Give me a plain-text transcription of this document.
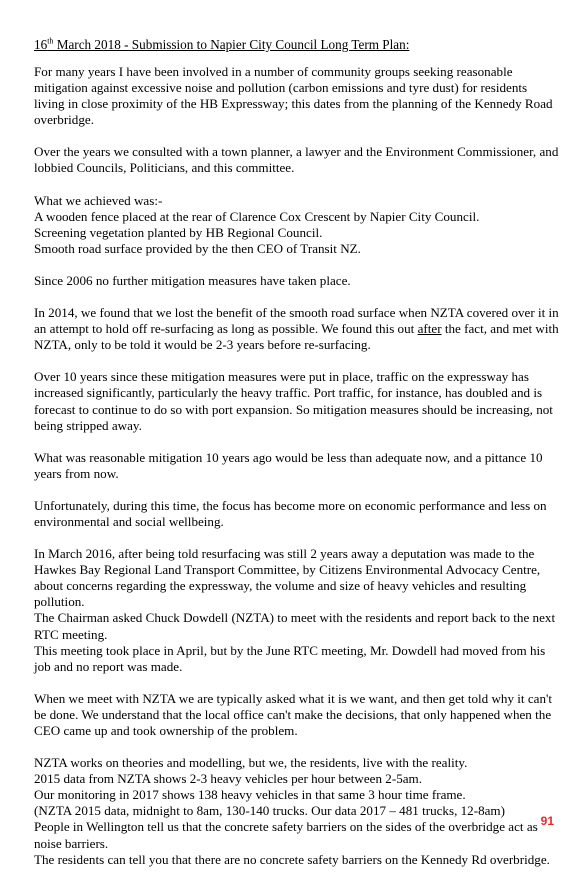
16th March 2018 - Submission to Napier City Council Long Term Plan:

For many years I have been involved in a number of community groups seeking reasonable
mitigation against excessive noise and pollution (carbon emissions and tyre dust) for residents
living in close proximity of the HB Expressway; this dates from the planning of the Kennedy Road
overbridge.

Over the years we consulted with a town planner, a lawyer and the Environment Commissioner, and
lobbied Councils, Politicians, and this committee.

What we achieved was:-
A wooden fence placed at the rear of Clarence Cox Crescent by Napier City Council.
Screening vegetation planted by HB Regional Council.
Smooth road surface provided by the then CEO of Transit NZ.

Since 2006 no further mitigation measures have taken place.

In 2014, we found that we lost the benefit of the smooth road surface when NZTA covered over it in
an attempt to hold off re-surfacing as long as possible. We found this out after the fact, and met with
NZTA, only to be told it would be 2-3 years before re-surfacing.

Over 10 years since these mitigation measures were put in place, traffic on the expressway has
increased significantly, particularly the heavy traffic. Port traffic, for instance, has doubled and is
forecast to continue to do so with port expansion. So mitigation measures should be increasing, not
being stripped away.

What was reasonable mitigation 10 years ago would be less than adequate now, and a pittance 10
years from now.

Unfortunately, during this time, the focus has become more on economic performance and less on
environmental and social wellbeing.

In March 2016, after being told resurfacing was still 2 years away a deputation was made to the
Hawkes Bay Regional Land Transport Committee, by Citizens Environmental Advocacy Centre,
about concerns regarding the expressway, the volume and size of heavy vehicles and resulting
pollution.
The Chairman asked Chuck Dowdell (NZTA) to meet with the residents and report back to the next
RTC meeting.
This meeting took place in April, but by the June RTC meeting, Mr. Dowdell had moved from his
job and no report was made.

When we meet with NZTA we are typically asked what it is we want, and then get told why it can't
be done. We understand that the local office can't make the decisions, that only happened when the
CEO came up and took ownership of the problem.

NZTA works on theories and modelling, but we, the residents, live with the reality.
2015 data from NZTA shows 2-3 heavy vehicles per hour between 2-5am.
Our monitoring in 2017 shows 138 heavy vehicles in that same 3 hour time frame.
(NZTA 2015 data, midnight to 8am, 130-140 trucks. Our data 2017 – 481 trucks, 12-8am)
People in Wellington tell us that the concrete safety barriers on the sides of the overbridge act as
noise barriers.
The residents can tell you that there are no concrete safety barriers on the Kennedy Rd overbridge.

91
